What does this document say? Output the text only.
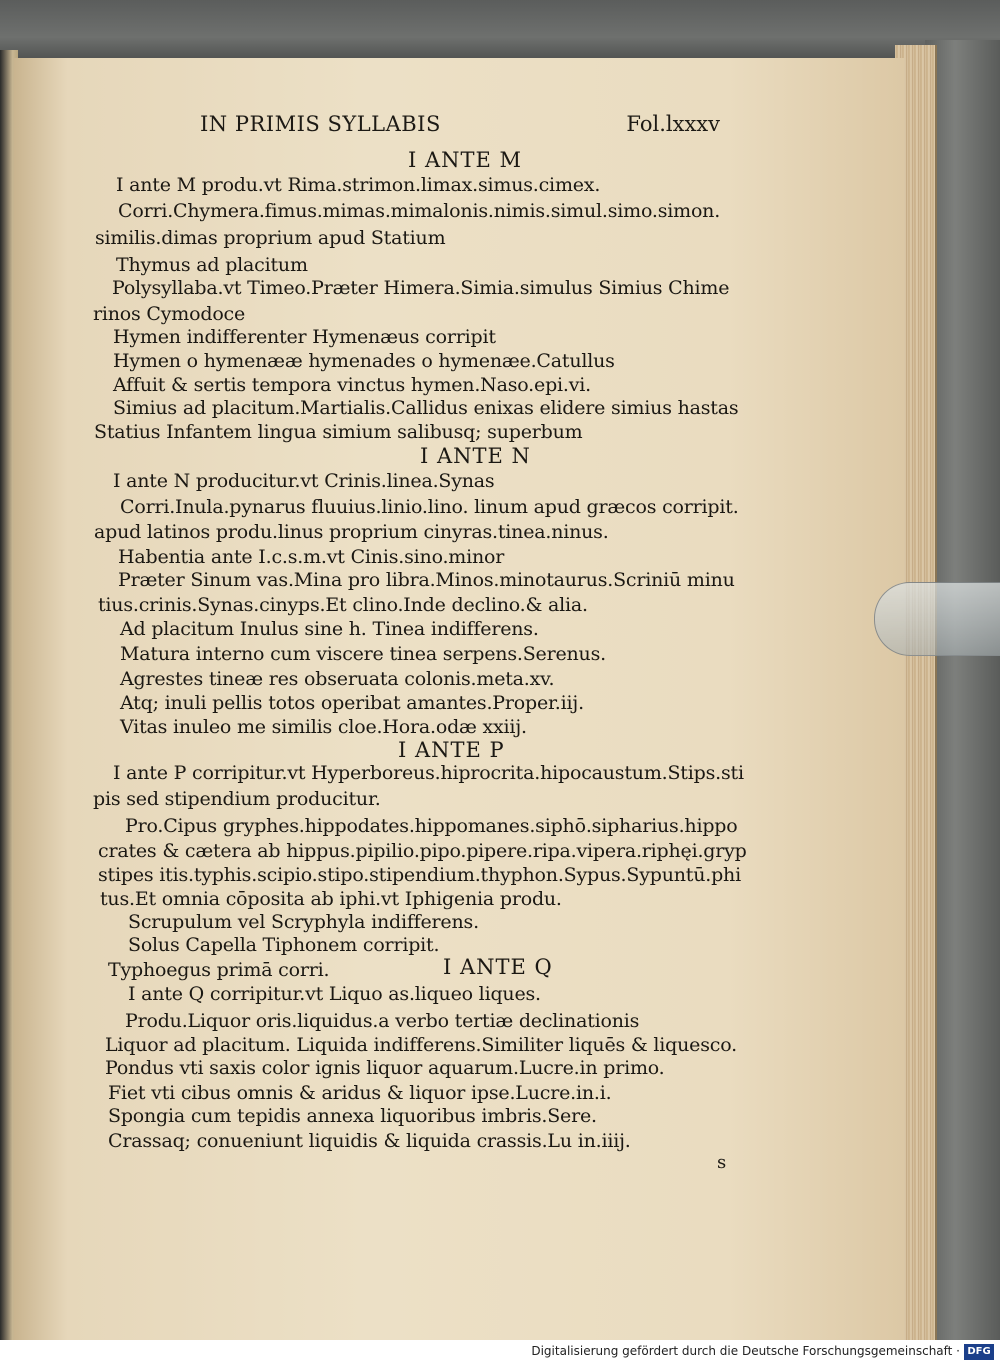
IN PRIMIS SYLLABIS	Fol.lxxxv
I ANTE M
I ante M produ.vt Rima.strimon.limax.simus.cimex.
Corri.Chymera.fimus.mimas.mimalonis.nimis.simul.simo.simon.
similis.dimas proprium apud Statium
Thymus ad placitum
Polysyllaba.vt Timeo.Præter Himera.Simia.simulus Simius Chime
rinos Cymodoce
Hymen indifferenter Hymenæus corripit
Hymen o hymenææ hymenades o hymenæe.Catullus
Affuit & sertis tempora vinctus hymen.Naso.epi.vi.
Simius ad placitum.Martialis.Callidus enixas elidere simius hastas
Statius Infantem lingua simium salibusq; superbum
I ANTE N
I ante N producitur.vt Crinis.linea.Synas
Corri.Inula.pynarus fluuius.linio.lino. linum apud græcos corripit.
apud latinos produ.linus proprium cinyras.tinea.ninus.
Habentia ante I.c.s.m.vt Cinis.sino.minor
Præter Sinum vas.Mina pro libra.Minos.minotaurus.Scriniū minu
tius.crinis.Synas.cinyps.Et clino.Inde declino.& alia.
Ad placitum Inulus sine h. Tinea indifferens.
Matura interno cum viscere tinea serpens.Serenus.
Agrestes tineæ res obseruata colonis.meta.xv.
Atq; inuli pellis totos operibat amantes.Proper.iij.
Vitas inuleo me similis cloe.Hora.odæ xxiij.
I ANTE P
I ante P corripitur.vt Hyperboreus.hiprocrita.hipocaustum.Stips.sti
pis sed stipendium producitur.
Pro.Cipus gryphes.hippodates.hippomanes.siphō.sipharius.hippo
crates & cætera ab hippus.pipilio.pipo.pipere.ripa.vipera.riphęi.gryp
stipes itis.typhis.scipio.stipo.stipendium.thyphon.Sypus.Sypuntū.phi
tus.Et omnia cōposita ab iphi.vt Iphigenia produ.
Scrupulum vel Scryphyla indifferens.
Solus Capella Tiphonem corripit.
Typhoegus primā corri.	I ANTE Q
I ante Q corripitur.vt Liquo as.liqueo liques.
Produ.Liquor oris.liquidus.a verbo tertiæ declinationis
Liquor ad placitum. Liquida indifferens.Similiter liquēs & liquesco.
Pondus vti saxis color ignis liquor aquarum.Lucre.in primo.
Fiet vti cibus omnis & aridus & liquor ipse.Lucre.in.i.
Spongia cum tepidis annexa liquoribus imbris.Sere.
Crassaq; conueniunt liquidis & liquida crassis.Lu in.iiij.
s
Digitalisierung gefördert durch die Deutsche Forschungsgemeinschaft · DFG
